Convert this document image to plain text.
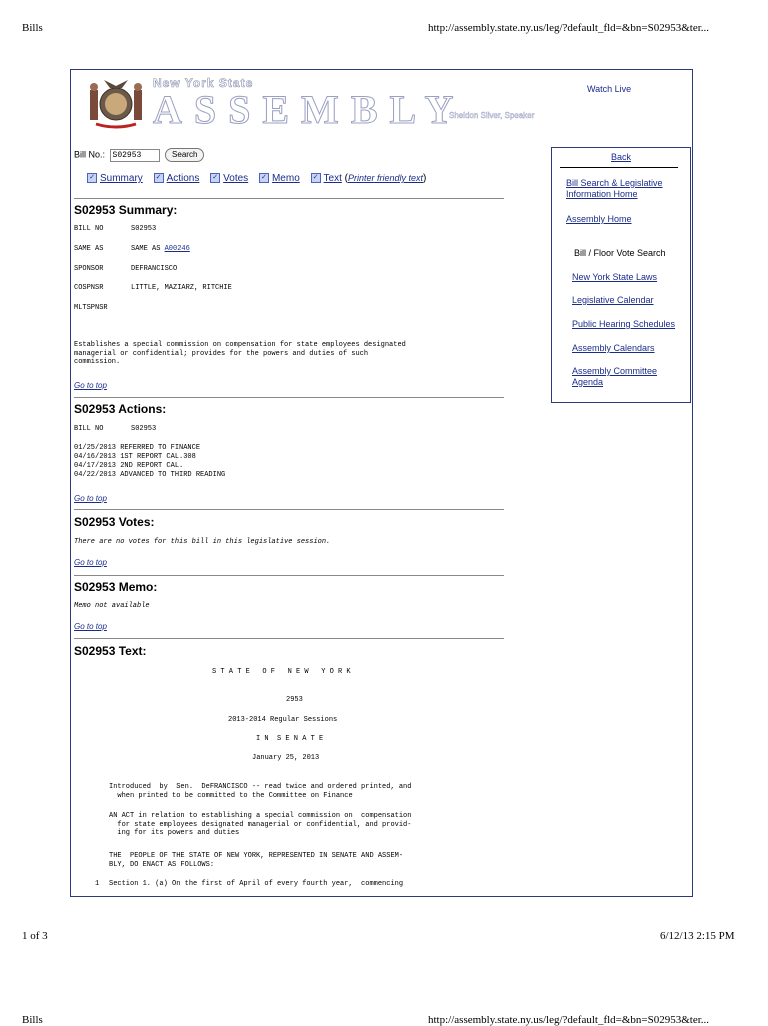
Bills	http://assembly.state.ny.us/leg/?default_fld=&bn=S02953&ter...
New York State
ASSEMBLY
Sheldon Silver, Speaker
Watch Live
Bill No.: S02953	Search
✓ Summary ✓ Actions ✓ Votes ✓ Memo ✓ Text (Printer friendly text)
S02953 Summary:
BILL NO	S02953
SAME AS	SAME AS A00246
SPONSOR	DEFRANCISCO
COSPNSR	LITTLE, MAZIARZ, RITCHIE
MLTSPNSR
Establishes a special commission on compensation for state employees designated
managerial or confidential; provides for the powers and duties of such
commission.
Go to top
S02953 Actions:
BILL NO	S02953
01/25/2013 REFERRED TO FINANCE
04/16/2013 1ST REPORT CAL.308
04/17/2013 2ND REPORT CAL.
04/22/2013 ADVANCED TO THIRD READING
Go to top
S02953 Votes:
There are no votes for this bill in this legislative session.
Go to top
S02953 Memo:
Memo not available
Go to top
S02953 Text:
S T A T E   O F   N E W   Y O R K
2953
2013-2014 Regular Sessions
I N  S E N A T E
January 25, 2013
Introduced  by  Sen.  DeFRANCISCO -- read twice and ordered printed, and
when printed to be committed to the Committee on Finance
AN ACT in relation to establishing a special commission on  compensation
for state employees designated managerial or confidential, and provid-
ing for its powers and duties
THE  PEOPLE OF THE STATE OF NEW YORK, REPRESENTED IN SENATE AND ASSEM-
BLY, DO ENACT AS FOLLOWS:
1 Section 1. (a) On the first of April of every fourth year,  commencing
Back
Bill Search & Legislative
Information Home
Assembly Home
Bill / Floor Vote Search
New York State Laws
Legislative Calendar
Public Hearing Schedules
Assembly Calendars
Assembly Committee
Agenda
1 of 3	6/12/13 2:15 PM
Bills	http://assembly.state.ny.us/leg/?default_fld=&bn=S02953&ter...
